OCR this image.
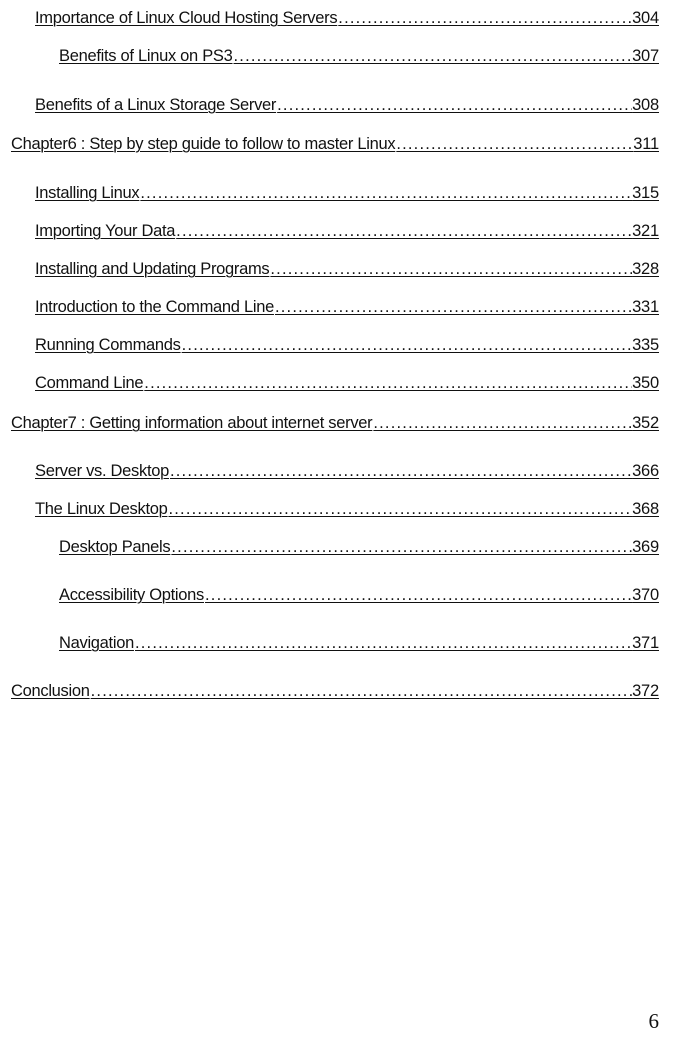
Importance of Linux Cloud Hosting Servers .....	304
Benefits of Linux on PS3 .....	307
Benefits of a Linux Storage Server .....	308
Chapter6 : Step by step guide to follow to master Linux .....	311
Installing Linux .....	315
Importing Your Data .....	321
Installing and Updating Programs .....	328
Introduction to the Command Line .....	331
Running Commands .....	335
Command Line .....	350
Chapter7 : Getting information about internet server .....	352
Server vs. Desktop .....	366
The Linux Desktop .....	368
Desktop Panels .....	369
Accessibility Options .....	370
Navigation .....	371
Conclusion .....	372
6
